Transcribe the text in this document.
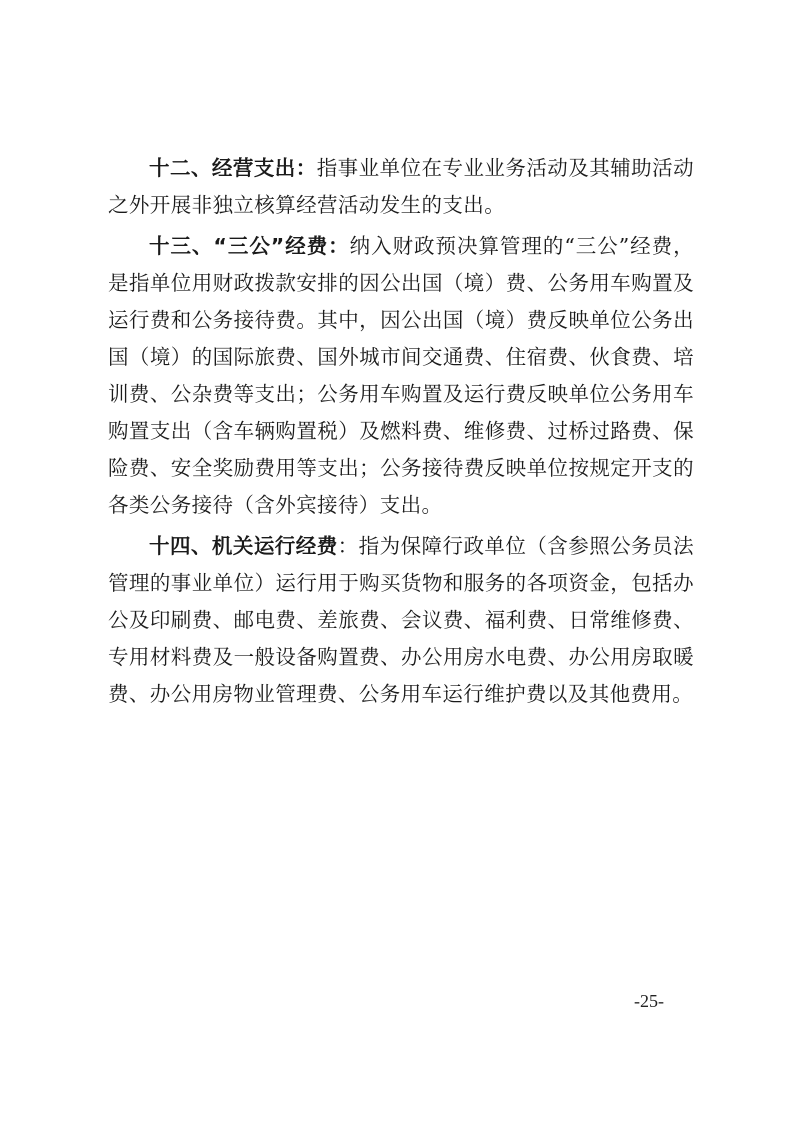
十二、经营支出：指事业单位在专业业务活动及其辅助活动之外开展非独立核算经营活动发生的支出。

十三、“三公”经费：纳入财政预决算管理的“三公”经费，是指单位用财政拨款安排的因公出国（境）费、公务用车购置及运行费和公务接待费。其中，因公出国（境）费反映单位公务出国（境）的国际旅费、国外城市间交通费、住宿费、伙食费、培训费、公杂费等支出；公务用车购置及运行费反映单位公务用车购置支出（含车辆购置税）及燃料费、维修费、过桥过路费、保险费、安全奖励费用等支出；公务接待费反映单位按规定开支的各类公务接待（含外宾接待）支出。

十四、机关运行经费：指为保障行政单位（含参照公务员法管理的事业单位）运行用于购买货物和服务的各项资金，包括办公及印刷费、邮电费、差旅费、会议费、福利费、日常维修费、专用材料费及一般设备购置费、办公用房水电费、办公用房取暖费、办公用房物业管理费、公务用车运行维护费以及其他费用。

-25-
